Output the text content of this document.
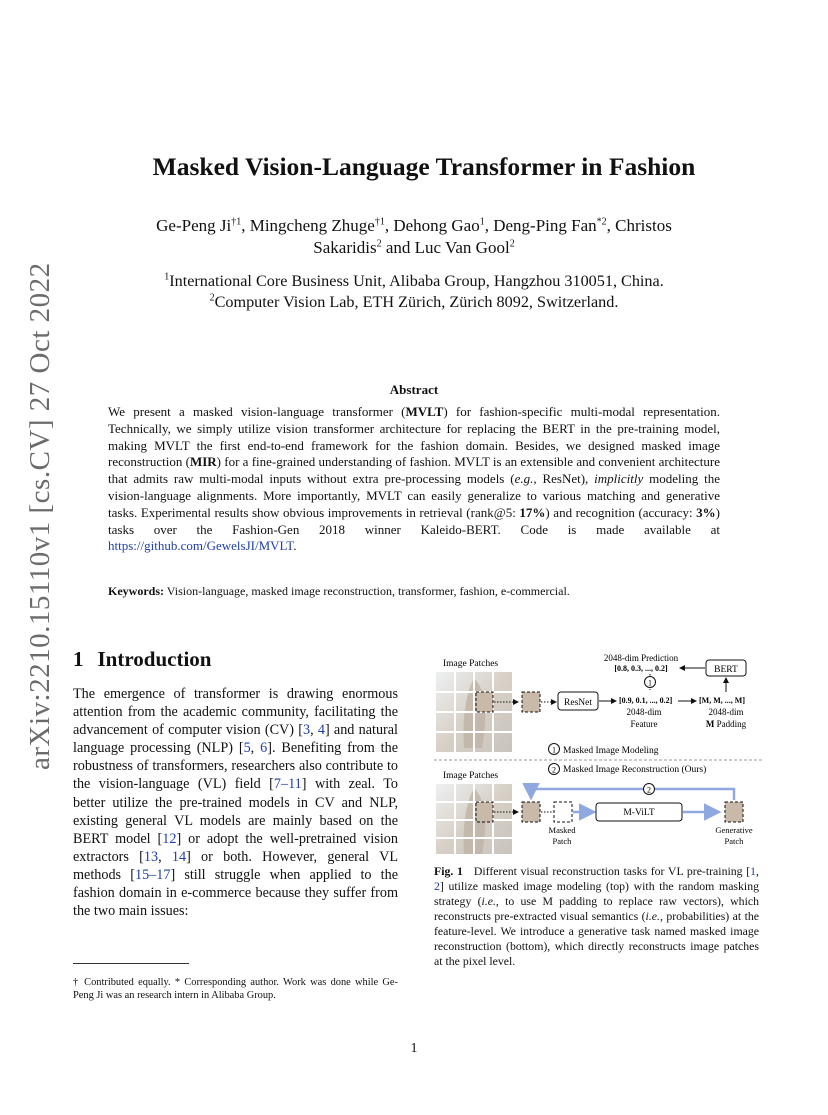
arXiv:2210.15110v1 [cs.CV] 27 Oct 2022
Masked Vision-Language Transformer in Fashion
Ge-Peng Ji$^{\dagger 1}$, Mingcheng Zhuge$^{\dagger 1}$, Dehong Gao$^1$, Deng-Ping Fan$^{*2}$, Christos
Sakaridis$^2$ and Luc Van Gool$^2$
$^1$International Core Business Unit, Alibaba Group, Hangzhou 310051, China.
$^2$Computer Vision Lab, ETH Zürich, Zürich 8092, Switzerland.
Abstract
We present a masked vision-language transformer (MVLT) for fashion-specific multi-modal representation. Technically, we simply utilize vision transformer architecture for replacing the BERT in the pre-training model, making MVLT the first end-to-end framework for the fashion domain. Besides, we designed masked image reconstruction (MIR) for a fine-grained understanding of fashion. MVLT is an extensible and convenient architecture that admits raw multi-modal inputs without extra pre-processing models (e.g., ResNet), implicitly modeling the vision-language alignments. More importantly, MVLT can easily generalize to various matching and generative tasks. Experimental results show obvious improvements in retrieval (rank@5: 17%) and recognition (accuracy: 3%) tasks over the Fashion-Gen 2018 winner Kaleido-BERT. Code is made available at https://github.com/GewelsJI/MVLT.
Keywords: Vision-language, masked image reconstruction, transformer, fashion, e-commercial.
1 Introduction
The emergence of transformer is drawing enormous attention from the academic community, facilitating the advancement of computer vision (CV) [3, 4] and natural language processing (NLP) [5, 6]. Benefiting from the robustness of transformers, researchers also contribute to the vision-language (VL) field [7–11] with zeal. To better utilize the pre-trained models in CV and NLP, existing general VL models are mainly based on the BERT model [12] or adopt the well-pretrained vision extractors [13, 14] or both. However, general VL methods [15–17] still struggle when applied to the fashion domain in e-commerce because they suffer from the two main issues:
† Contributed equally. * Corresponding author. Work was done while Ge-Peng Ji was an research intern in Alibaba Group.
1
Image Patches
ResNet	[0.9, 0.1, ..., 0.2]
2048-dim
Feature
[M, M, ..., M]
2048-dim
M Padding
2048-dim Prediction
[0.8, 0.3, ..., 0.2]	BERT
1
1 Masked Image Modeling
2 Masked Image Reconstruction (Ours)
Image Patches
Masked
Patch
M-ViLT
Generative
Patch
2
Fig. 1   Different visual reconstruction tasks for VL pre-training [1, 2] utilize masked image modeling (top) with the random masking strategy (i.e., to use M padding to replace raw vectors), which reconstructs pre-extracted visual semantics (i.e., probabilities) at the feature-level. We introduce a generative task named masked image reconstruction (bottom), which directly reconstructs image patches at the pixel level.
